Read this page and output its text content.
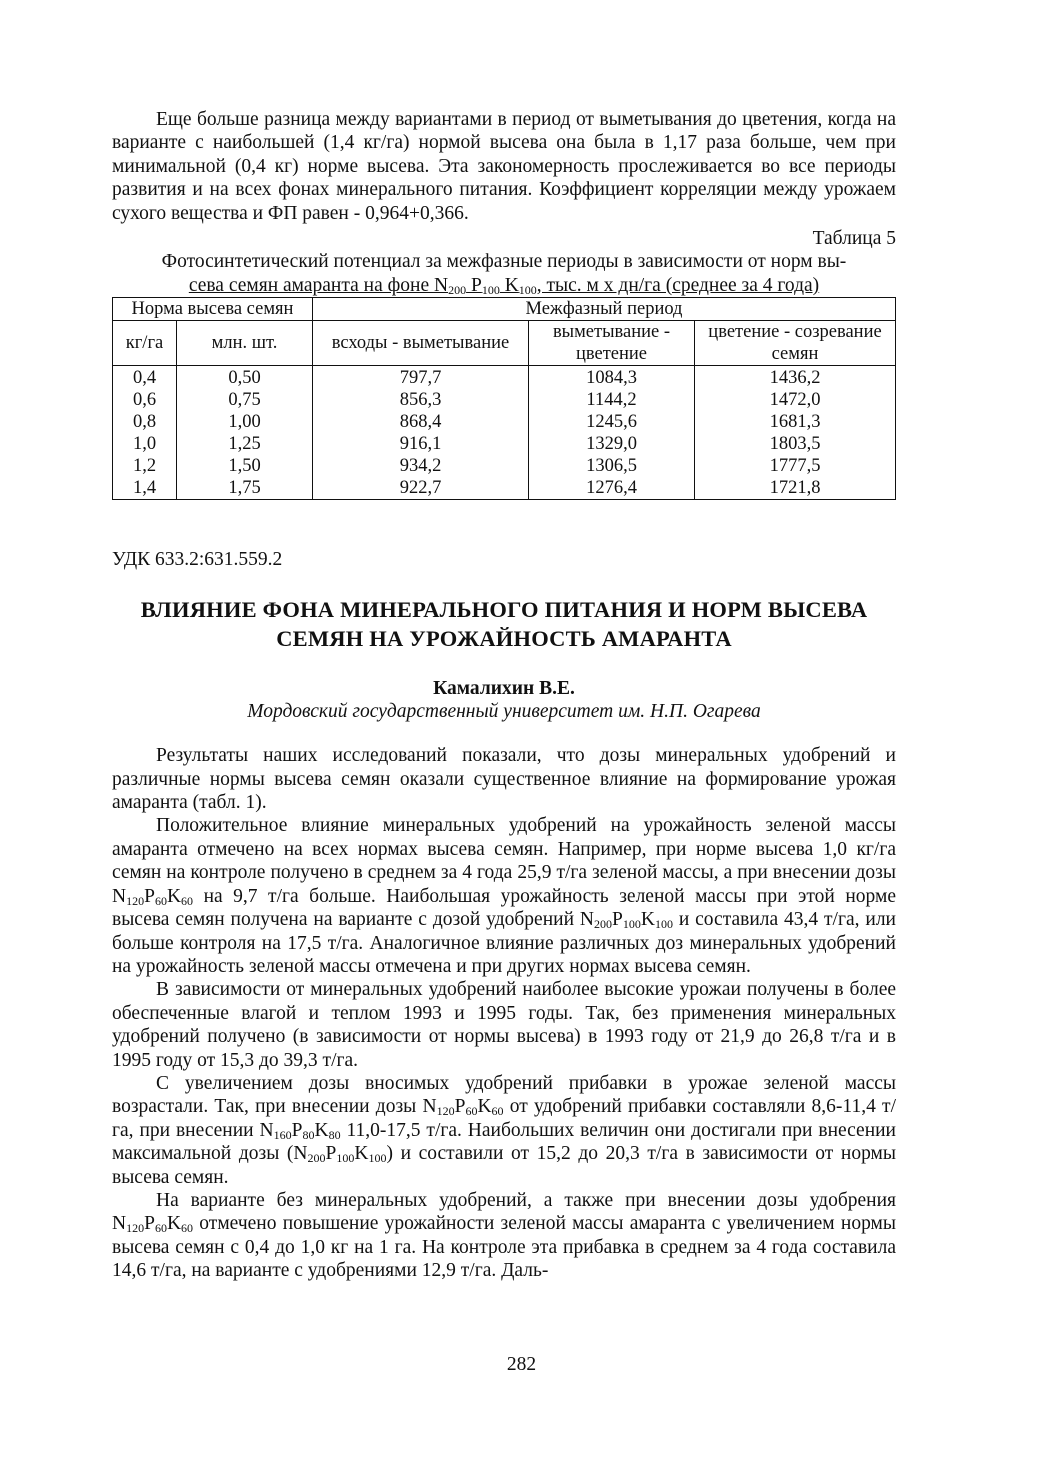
Еще больше разница между вариантами в период от выметывания до цветения, когда на варианте с наибольшей (1,4 кг/га) нормой высева она была в 1,17 раза больше, чем при минимальной (0,4 кг) норме высева. Эта закономерность прослеживается во все периоды развития и на всех фонах минерального питания. Коэффициент корреляции между урожаем сухого вещества и ФП равен - 0,964+0,366.

Таблица 5
Фотосинтетический потенциал за межфазные периоды в зависимости от норм вы-
сева семян амаранта на фоне $N_{200}$ $P_{100}$ $K_{100}$, тыс. м х дн/га (среднее за 4 года)
Норма высева семян		Межфазный период		
кг/га	млн. шт.	всходы - выметывание	выметывание - цветение	цветение - созревание семян
0,4	0,50	797,7	1084,3	1436,2
0,6	0,75	856,3	1144,2	1472,0
0,8	1,00	868,4	1245,6	1681,3
1,0	1,25	916,1	1329,0	1803,5
1,2	1,50	934,2	1306,5	1777,5
1,4	1,75	922,7	1276,4	1721,8
УДК 633.2:631.559.2
ВЛИЯНИЕ ФОНА МИНЕРАЛЬНОГО ПИТАНИЯ И НОРМ ВЫСЕВА
СЕМЯН НА УРОЖАЙНОСТЬ АМАРАНТА
Камалихин В.Е.
Мордовский государственный университет им. Н.П. Огарева

Результаты наших исследований показали, что дозы минеральных удобрений и различные нормы высева семян оказали существенное влияние на формирование урожая амаранта (табл. 1).

Положительное влияние минеральных удобрений на урожайность зеленой массы амаранта отмечено на всех нормах высева семян. Например, при норме высева 1,0 кг/га семян на контроле получено в среднем за 4 года 25,9 т/га зеленой массы, а при внесении дозы $N_{120}P_{60}K_{60}$ на 9,7 т/га больше. Наибольшая урожайность зеленой массы при этой норме высева семян получена на варианте с дозой удобрений $N_{200}P_{100}K_{100}$ и составила 43,4 т/га, или больше контроля на 17,5 т/га. Аналогичное влияние различных доз минеральных удобрений на урожайность зеленой массы отмечена и при других нормах высева семян.

В зависимости от минеральных удобрений наиболее высокие урожаи получены в более обеспеченные влагой и теплом 1993 и 1995 годы. Так, без применения минеральных удобрений получено (в зависимости от нормы высева) в 1993 году от 21,9 до 26,8 т/га и в 1995 году от 15,3 до 39,3 т/га.

С увеличением дозы вносимых удобрений прибавки в урожае зеленой массы возрастали. Так, при внесении дозы $N_{120}P_{60}K_{60}$ от удобрений прибавки составляли 8,6-11,4 т/га, при внесении $N_{160}P_{80}K_{80}$ 11,0-17,5 т/га. Наибольших величин они достигали при внесении максимальной дозы $(N_{200}P_{100}K_{100})$ и составили от 15,2 до 20,3 т/га в зависимости от нормы высева семян.

На варианте без минеральных удобрений, а также при внесении дозы удобрения $N_{120}P_{60}K_{60}$ отмечено повышение урожайности зеленой массы амаранта с увеличением нормы высева семян с 0,4 до 1,0 кг на 1 га. На контроле эта прибавка в среднем за 4 года составила 14,6 т/га, на варианте с удобрениями 12,9 т/га. Даль-

282
